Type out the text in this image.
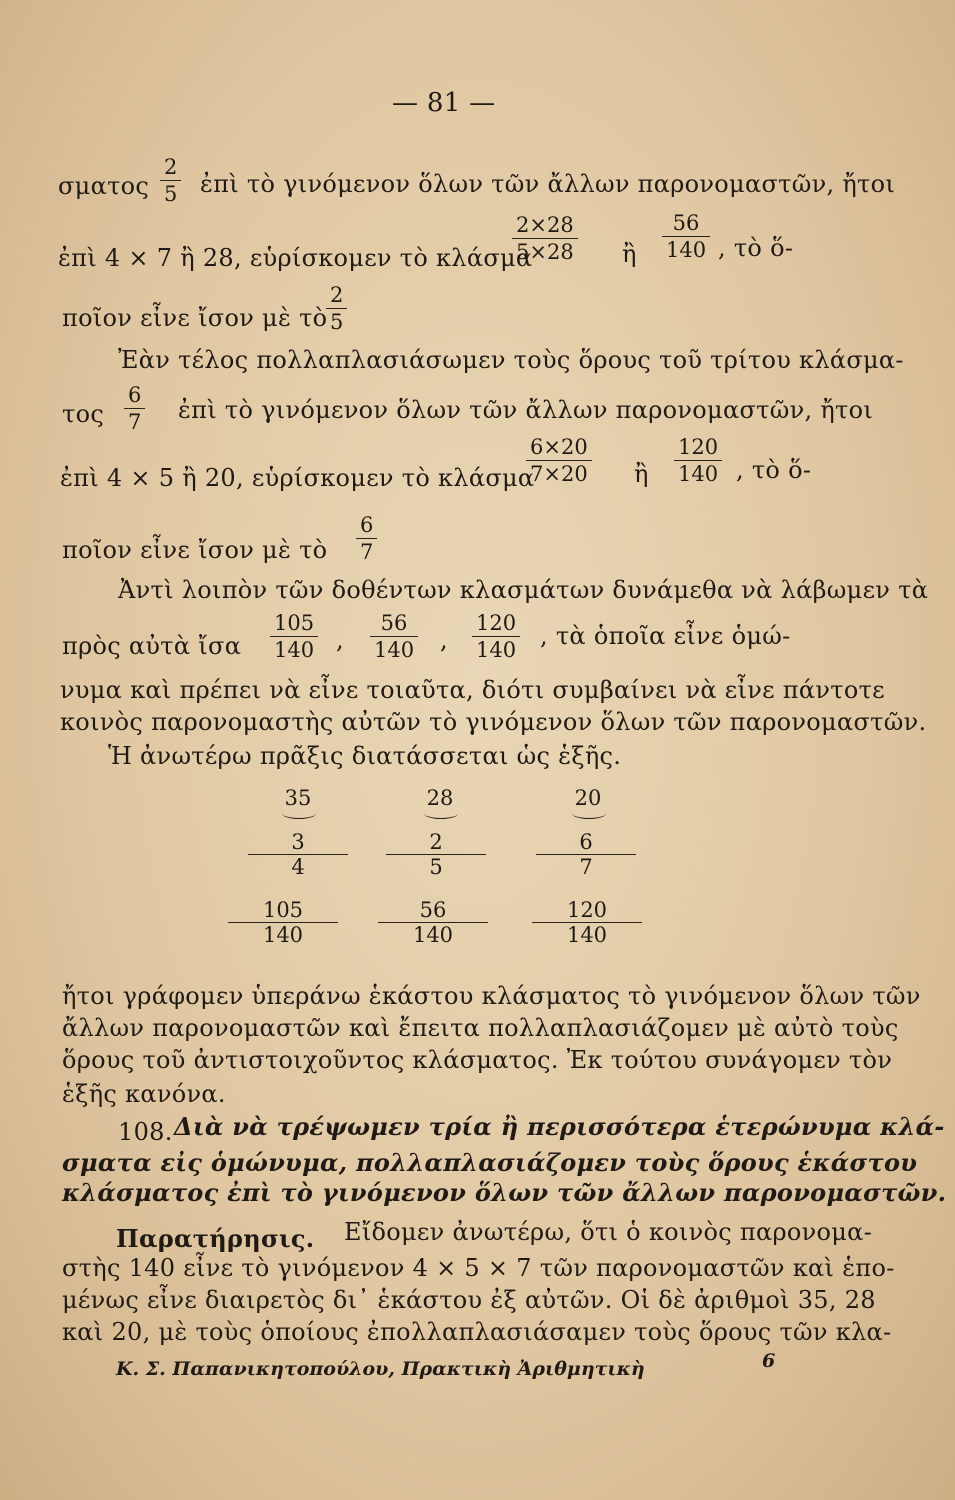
— 81 —
σματος $\frac{2}{5}$ ἐπὶ τὸ γινόμενον ὅλων τῶν ἄλλων παρονομαστῶν, ἤτοι
ἐπὶ 4 × 7 ἢ 28, εὑρίσκομεν τὸ κλάσμα
$\frac{2\times 28}{5\times 28}$ ἢ $\frac{56}{140}$ , τὸ ὅ-
ποῖον εἶνε ἴσον μὲ τὸ
$\frac{2}{5}$
Ἐὰν τέλος πολλαπλασιάσωμεν τοὺς ὅρους τοῦ τρίτου κλάσμα-
τος $\frac{6}{7}$ ἐπὶ τὸ γινόμενον ὅλων τῶν ἄλλων παρονομαστῶν, ἤτοι
ἐπὶ 4 × 5 ἢ 20, εὑρίσκομεν τὸ κλάσμα
$\frac{6\times 20}{7\times 20}$ ἢ $\frac{120}{140}$ , τὸ ὅ-
ποῖον εἶνε ἴσον μὲ τὸ $\frac{6}{7}$
Ἀντὶ λοιπὸν τῶν δοθέντων κλασμάτων δυνάμεθα νὰ λάβωμεν τὰ
πρὸς αὐτὰ ἴσα $\frac{105}{140}$ , $\frac{56}{140}$ , $\frac{120}{140}$ , τὰ ὁποῖα εἶνε ὁμώ-
νυμα καὶ πρέπει νὰ εἶνε τοιαῦτα, διότι συμβαίνει νὰ εἶνε πάντοτε
κοινὸς παρονομαστὴς αὐτῶν τὸ γινόμενον ὅλων τῶν παρονομαστῶν.
Ἡ ἀνωτέρω πρᾶξις διατάσσεται ὡς ἑξῆς.
35
$\frac{3}{4}$
$\frac{105}{140}$
28
$\frac{2}{5}$
$\frac{56}{140}$
20
$\frac{6}{7}$
$\frac{120}{140}$
ἤτοι γράφομεν ὑπεράνω ἑκάστου κλάσματος τὸ γινόμενον ὅλων τῶν
ἄλλων παρονομαστῶν καὶ ἔπειτα πολλαπλασιάζομεν μὲ αὐτὸ τοὺς
ὅρους τοῦ ἀντιστοιχοῦντος κλάσματος. Ἐκ τούτου συνάγομεν τὸν
ἑξῆς κανόνα.
108. Διὰ νὰ τρέψωμεν τρία ἢ περισσότερα ἑτερώνυμα κλά-
σματα εἰς ὁμώνυμα, πολλαπλασιάζομεν τοὺς ὅρους ἑκάστου
κλάσματος ἐπὶ τὸ γινόμενον ὅλων τῶν ἄλλων παρονομαστῶν.
Παρατήρησις. Εἴδομεν ἀνωτέρω, ὅτι ὁ κοινὸς παρονομα-
στὴς 140 εἶνε τὸ γινόμενον 4 × 5 × 7 τῶν παρονομαστῶν καὶ ἑπο-
μένως εἶνε διαιρετὸς δι᾽ ἑκάστου ἐξ αὐτῶν. Οἱ δὲ ἀριθμοὶ 35, 28
καὶ 20, μὲ τοὺς ὁποίους ἐπολλαπλασιάσαμεν τοὺς ὅρους τῶν κλα-
Κ. Σ. Παπανικητοπούλου, Πρακτικὴ Ἀριθμητικὴ	6
